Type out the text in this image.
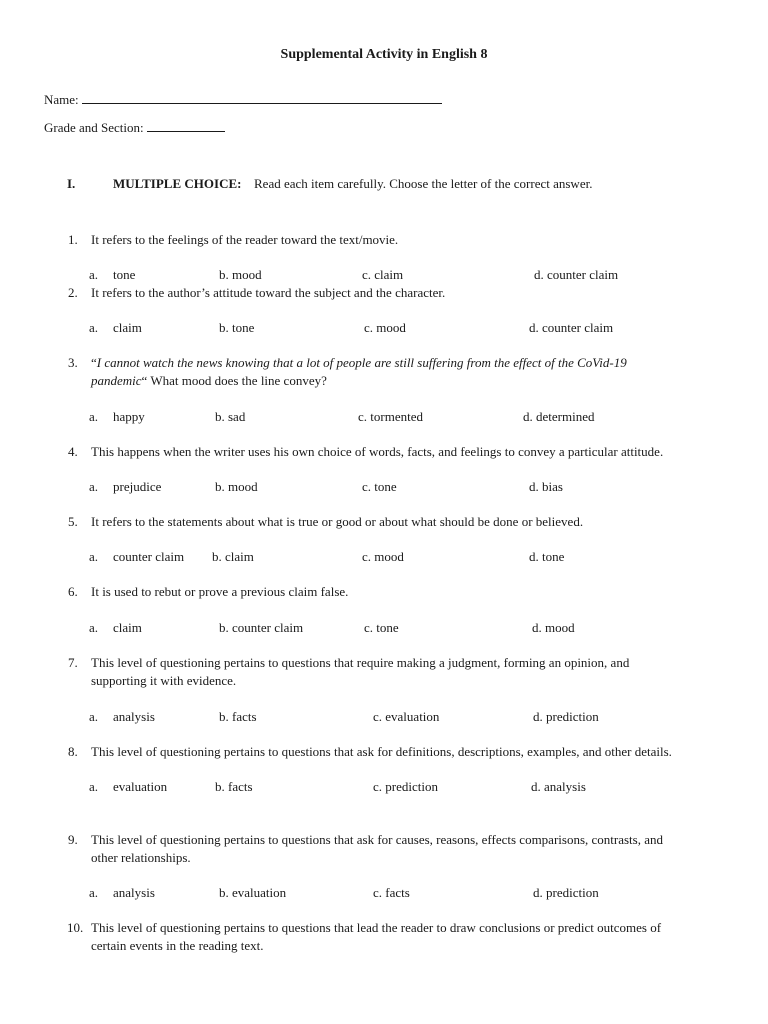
Supplemental Activity in English 8
Name:
Grade and Section:
I.	MULTIPLE CHOICE: Read each item carefully. Choose the letter of the correct answer.
1. It refers to the feelings of the reader toward the text/movie.
a. tone	b. mood	c. claim	d. counter claim
2. It refers to the author’s attitude toward the subject and the character.
a. claim	b. tone	c. mood	d. counter claim
3. “I cannot watch the news knowing that a lot of people are still suffering from the effect of the CoVid-19
pandemic“ What mood does the line convey?
a. happy	b. sad	c. tormented	d. determined
4. This happens when the writer uses his own choice of words, facts, and feelings to convey a particular attitude.
a. prejudice	b. mood	c. tone	d. bias
5. It refers to the statements about what is true or good or about what should be done or believed.
a. counter claim b. claim	c. mood	d. tone
6. It is used to rebut or prove a previous claim false.
a. claim	b. counter claim	c. tone	d. mood
7. This level of questioning pertains to questions that require making a judgment, forming an opinion, and
supporting it with evidence.
a. analysis	b. facts	c. evaluation	d. prediction
8. This level of questioning pertains to questions that ask for definitions, descriptions, examples, and other details.
a. evaluation	b. facts	c. prediction	d. analysis
9. This level of questioning pertains to questions that ask for causes, reasons, effects comparisons, contrasts, and
other relationships.
a. analysis	b. evaluation	c. facts	d. prediction
10. This level of questioning pertains to questions that lead the reader to draw conclusions or predict outcomes of
certain events in the reading text.
